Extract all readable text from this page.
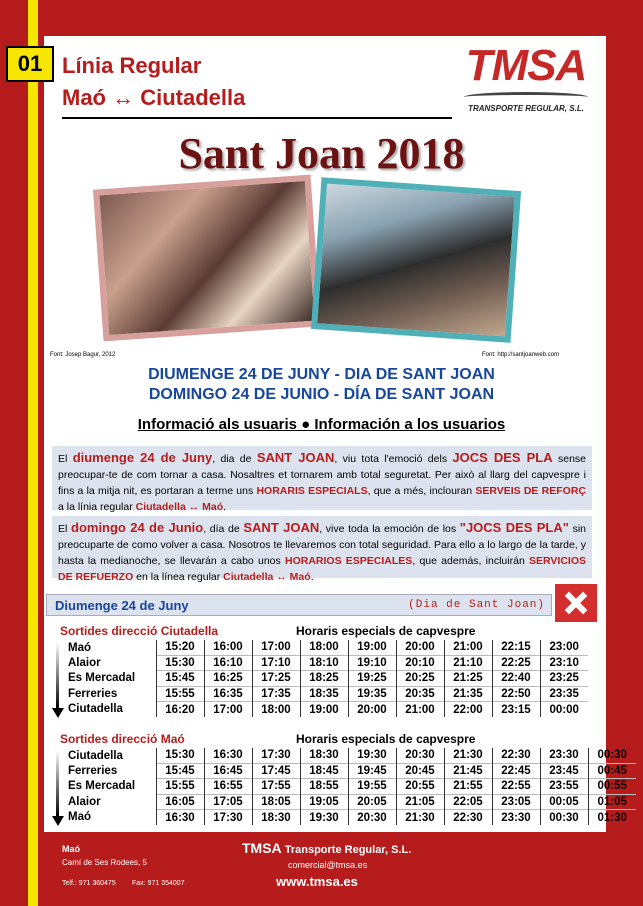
01 Línia Regular
Maó ↔ Ciutadella
TMSA
TRANSPORTE REGULAR, S.L.
Sant Joan 2018
Font: Josep Bagur, 2012	Font: http://santjoanweb.com
DIUMENGE 24 DE JUNY - DIA DE SANT JOAN
DOMINGO 24 DE JUNIO - DÍA DE SANT JOAN
Informació als usuaris ● Información a los usuarios
El diumenge 24 de Juny, dia de SANT JOAN, viu tota l'emoció dels JOCS DES PLA sense preocupar-te de com tornar a casa. Nosaltres et tornarem amb total seguretat. Per això al llarg del capvespre i fins a la mitja nit, es portaran a terme uns HORARIS ESPECIALS, que a més, inclouran SERVEIS DE REFORÇ a la línia regular Ciutadella ↔ Maó.
El domingo 24 de Junio, día de SANT JOAN, vive toda la emoción de los "JOCS DES PLA" sin preocuparte de como volver a casa. Nosotros te llevaremos con total seguridad. Para ello a lo largo de la tarde, y hasta la medianoche, se llevarán a cabo unos HORARIOS ESPECIALES, que además, incluirán SERVICIOS DE REFUERZO en la línea regular Ciutadella ↔ Maó.
Diumenge 24 de Juny	(Dia de Sant Joan)
Sortides direcció Ciutadella	Horaris especials de capvespre
Maó	15:20	16:00	17:00	18:00	19:00	20:00	21:00	22:15	23:00
Alaior	15:30	16:10	17:10	18:10	19:10	20:10	21:10	22:25	23:10
Es Mercadal	15:45	16:25	17:25	18:25	19:25	20:25	21:25	22:40	23:25
Ferreries	15:55	16:35	17:35	18:35	19:35	20:35	21:35	22:50	23:35
Ciutadella	16:20	17:00	18:00	19:00	20:00	21:00	22:00	23:15	00:00
Sortides direcció Maó	Horaris especials de capvespre
Ciutadella	15:30	16:30	17:30	18:30	19:30	20:30	21:30	22:30	23:30	00:30
Ferreries	15:45	16:45	17:45	18:45	19:45	20:45	21:45	22:45	23:45	00:45
Es Mercadal	15:55	16:55	17:55	18:55	19:55	20:55	21:55	22:55	23:55	00:55
Alaior	16:05	17:05	18:05	19:05	20:05	21:05	22:05	23:05	00:05	01:05
Maó	16:30	17:30	18:30	19:30	20:30	21:30	22:30	23:30	00:30	01:30
Maó
Camí de Ses Rodees, 5
Telf.: 971 360475 Fax: 971 354007
TMSA Transporte Regular, S.L.
comercial@tmsa.es
www.tmsa.es
